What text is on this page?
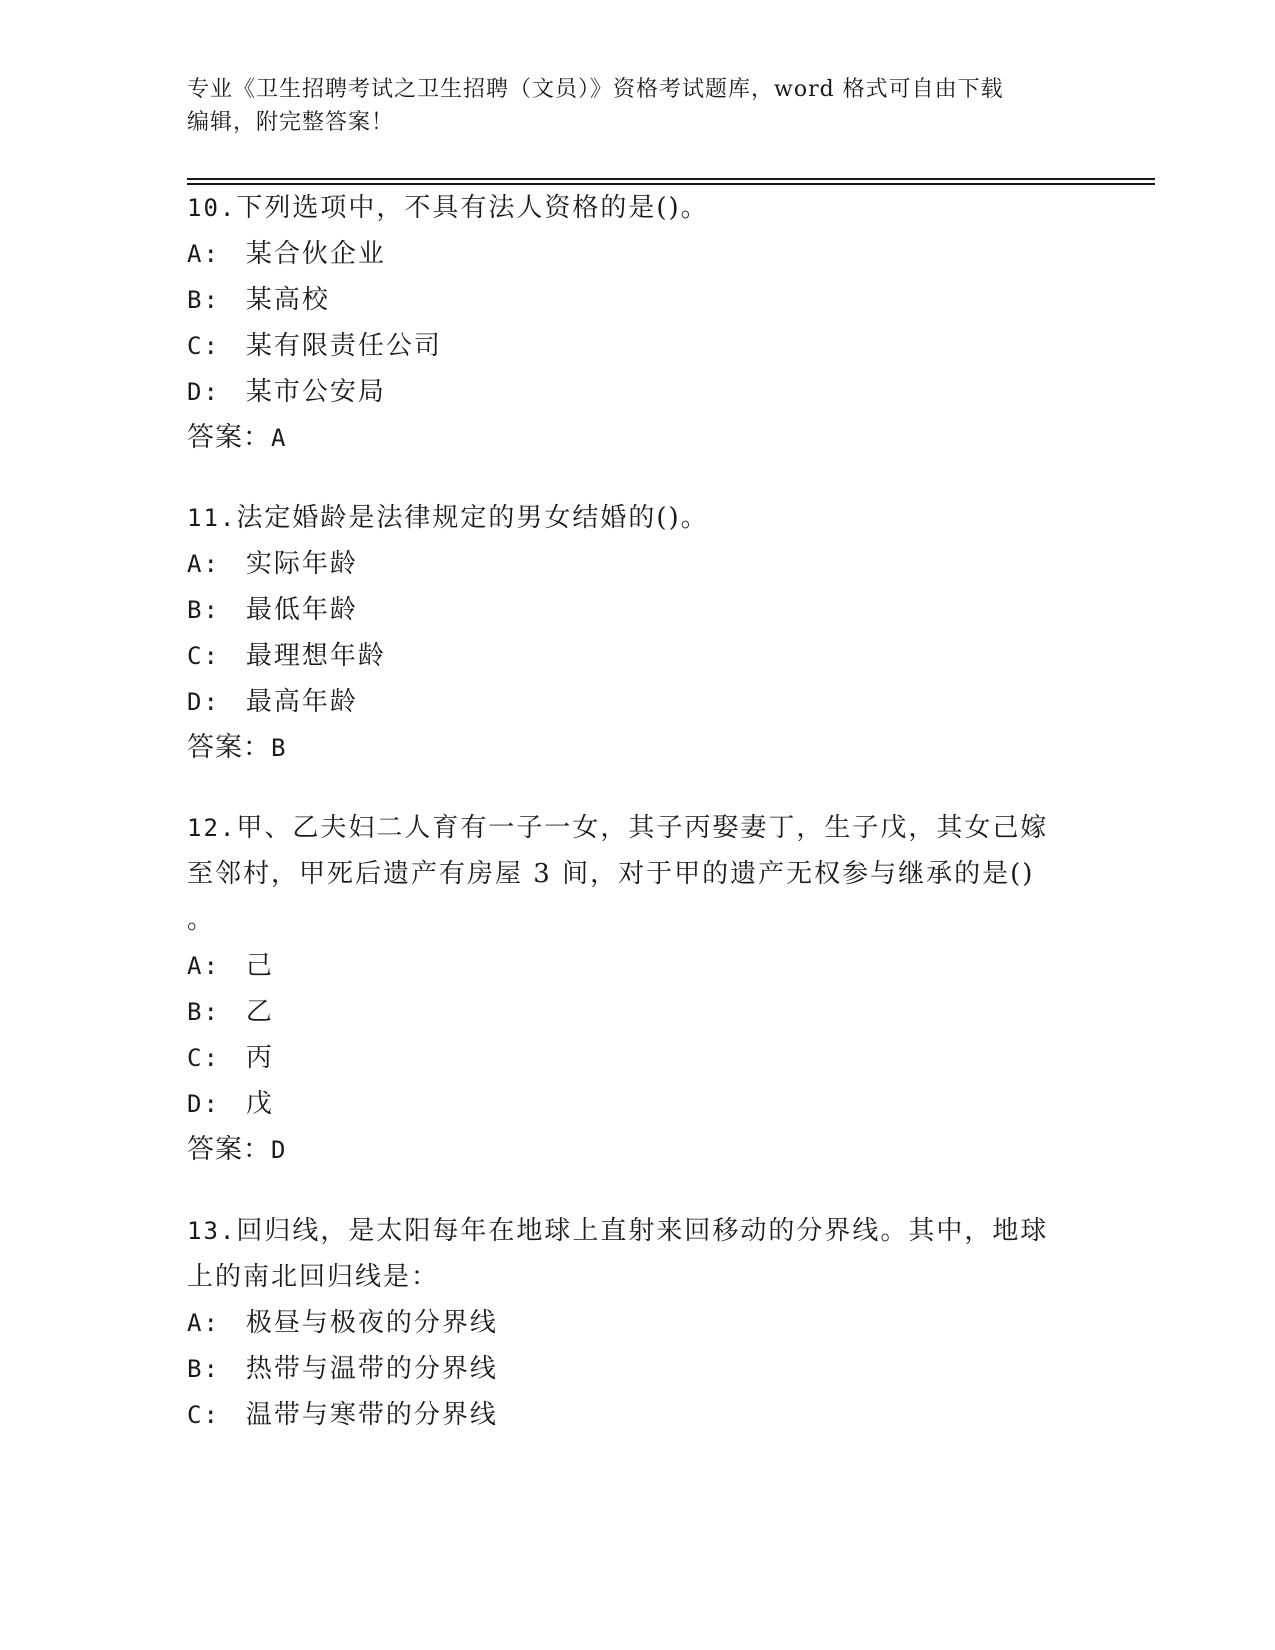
专业《卫生招聘考试之卫生招聘（文员）》资格考试题库，word 格式可自由下载
编辑，附完整答案！
10.下列选项中，不具有法人资格的是()。
A: 某合伙企业
B: 某高校
C: 某有限责任公司
D: 某市公安局
答案：A
11.法定婚龄是法律规定的男女结婚的()。
A: 实际年龄
B: 最低年龄
C: 最理想年龄
D: 最高年龄
答案：B
12.甲、乙夫妇二人育有一子一女，其子丙娶妻丁，生子戊，其女己嫁
至邻村，甲死后遗产有房屋 3 间，对于甲的遗产无权参与继承的是()
。
A: 己
B: 乙
C: 丙
D: 戊
答案：D
13.回归线，是太阳每年在地球上直射来回移动的分界线。其中，地球
上的南北回归线是：
A: 极昼与极夜的分界线
B: 热带与温带的分界线
C: 温带与寒带的分界线
